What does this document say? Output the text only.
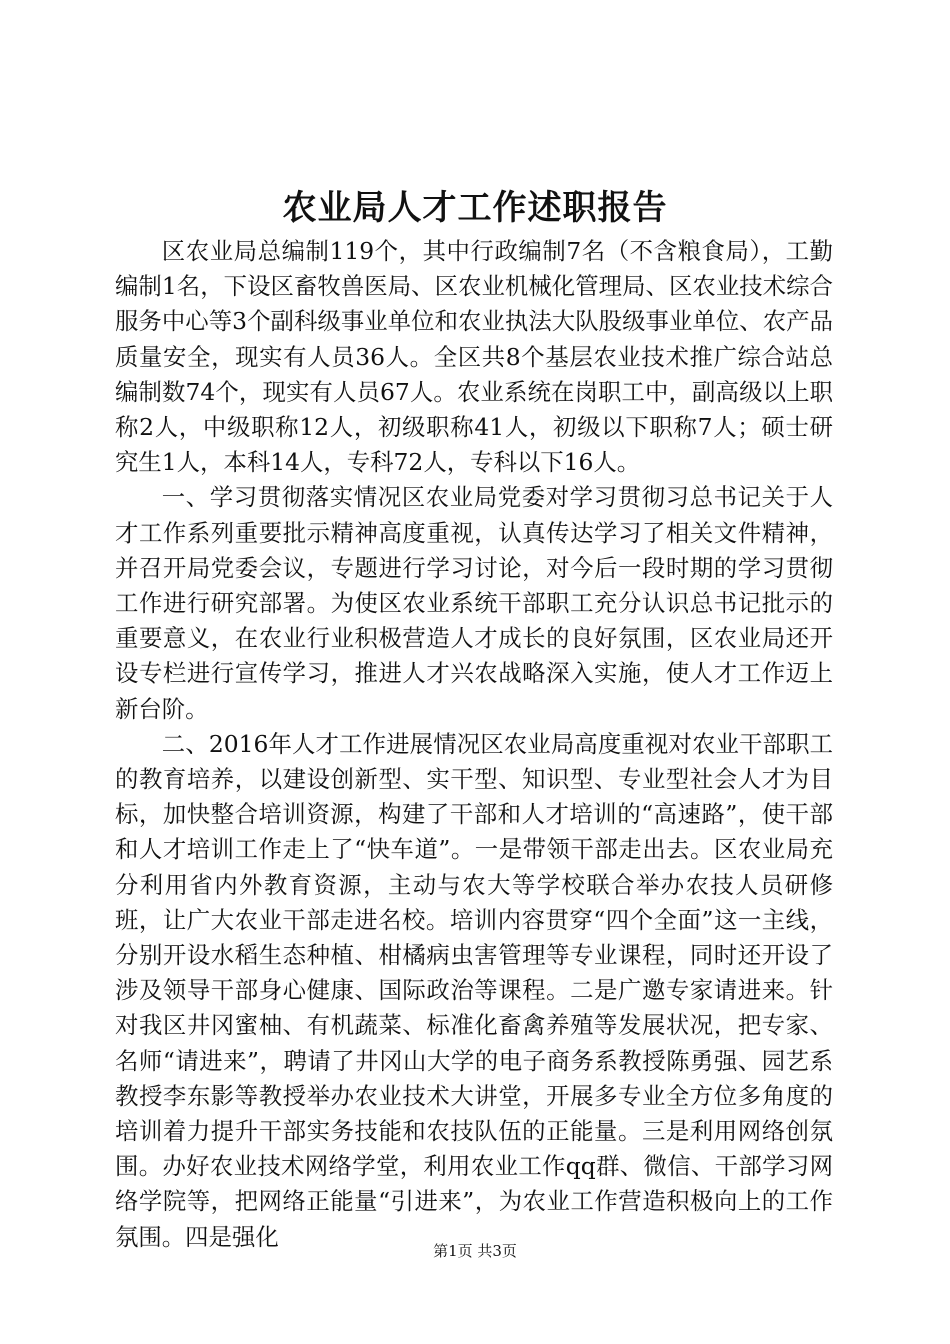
农业局人才工作述职报告

区农业局总编制119个，其中行政编制7名（不含粮食局），工勤编制1名，下设区畜牧兽医局、区农业机械化管理局、区农业技术综合服务中心等3个副科级事业单位和农业执法大队股级事业单位、农产品质量安全，现实有人员36人。全区共8个基层农业技术推广综合站总编制数74个，现实有人员67人。农业系统在岗职工中，副高级以上职称2人，中级职称12人，初级职称41人，初级以下职称7人；硕士研究生1人，本科14人，专科72人，专科以下16人。

一、学习贯彻落实情况区农业局党委对学习贯彻习总书记关于人才工作系列重要批示精神高度重视，认真传达学习了相关文件精神，并召开局党委会议，专题进行学习讨论，对今后一段时期的学习贯彻工作进行研究部署。为使区农业系统干部职工充分认识总书记批示的重要意义，在农业行业积极营造人才成长的良好氛围，区农业局还开设专栏进行宣传学习，推进人才兴农战略深入实施，使人才工作迈上新台阶。

二、2016年人才工作进展情况区农业局高度重视对农业干部职工的教育培养，以建设创新型、实干型、知识型、专业型社会人才为目标，加快整合培训资源，构建了干部和人才培训的“高速路”，使干部和人才培训工作走上了“快车道”。一是带领干部走出去。区农业局充分利用省内外教育资源，主动与农大等学校联合举办农技人员研修班，让广大农业干部走进名校。培训内容贯穿“四个全面”这一主线，分别开设水稻生态种植、柑橘病虫害管理等专业课程，同时还开设了涉及领导干部身心健康、国际政治等课程。二是广邀专家请进来。针对我区井冈蜜柚、有机蔬菜、标准化畜禽养殖等发展状况，把专家、名师“请进来”，聘请了井冈山大学的电子商务系教授陈勇强、园艺系教授李东影等教授举办农业技术大讲堂，开展多专业全方位多角度的培训着力提升干部实务技能和农技队伍的正能量。三是利用网络创氛围。办好农业技术网络学堂，利用农业工作qq群、微信、干部学习网络学院等，把网络正能量“引进来”，为农业工作营造积极向上的工作氛围。四是强化

第1页 共3页
